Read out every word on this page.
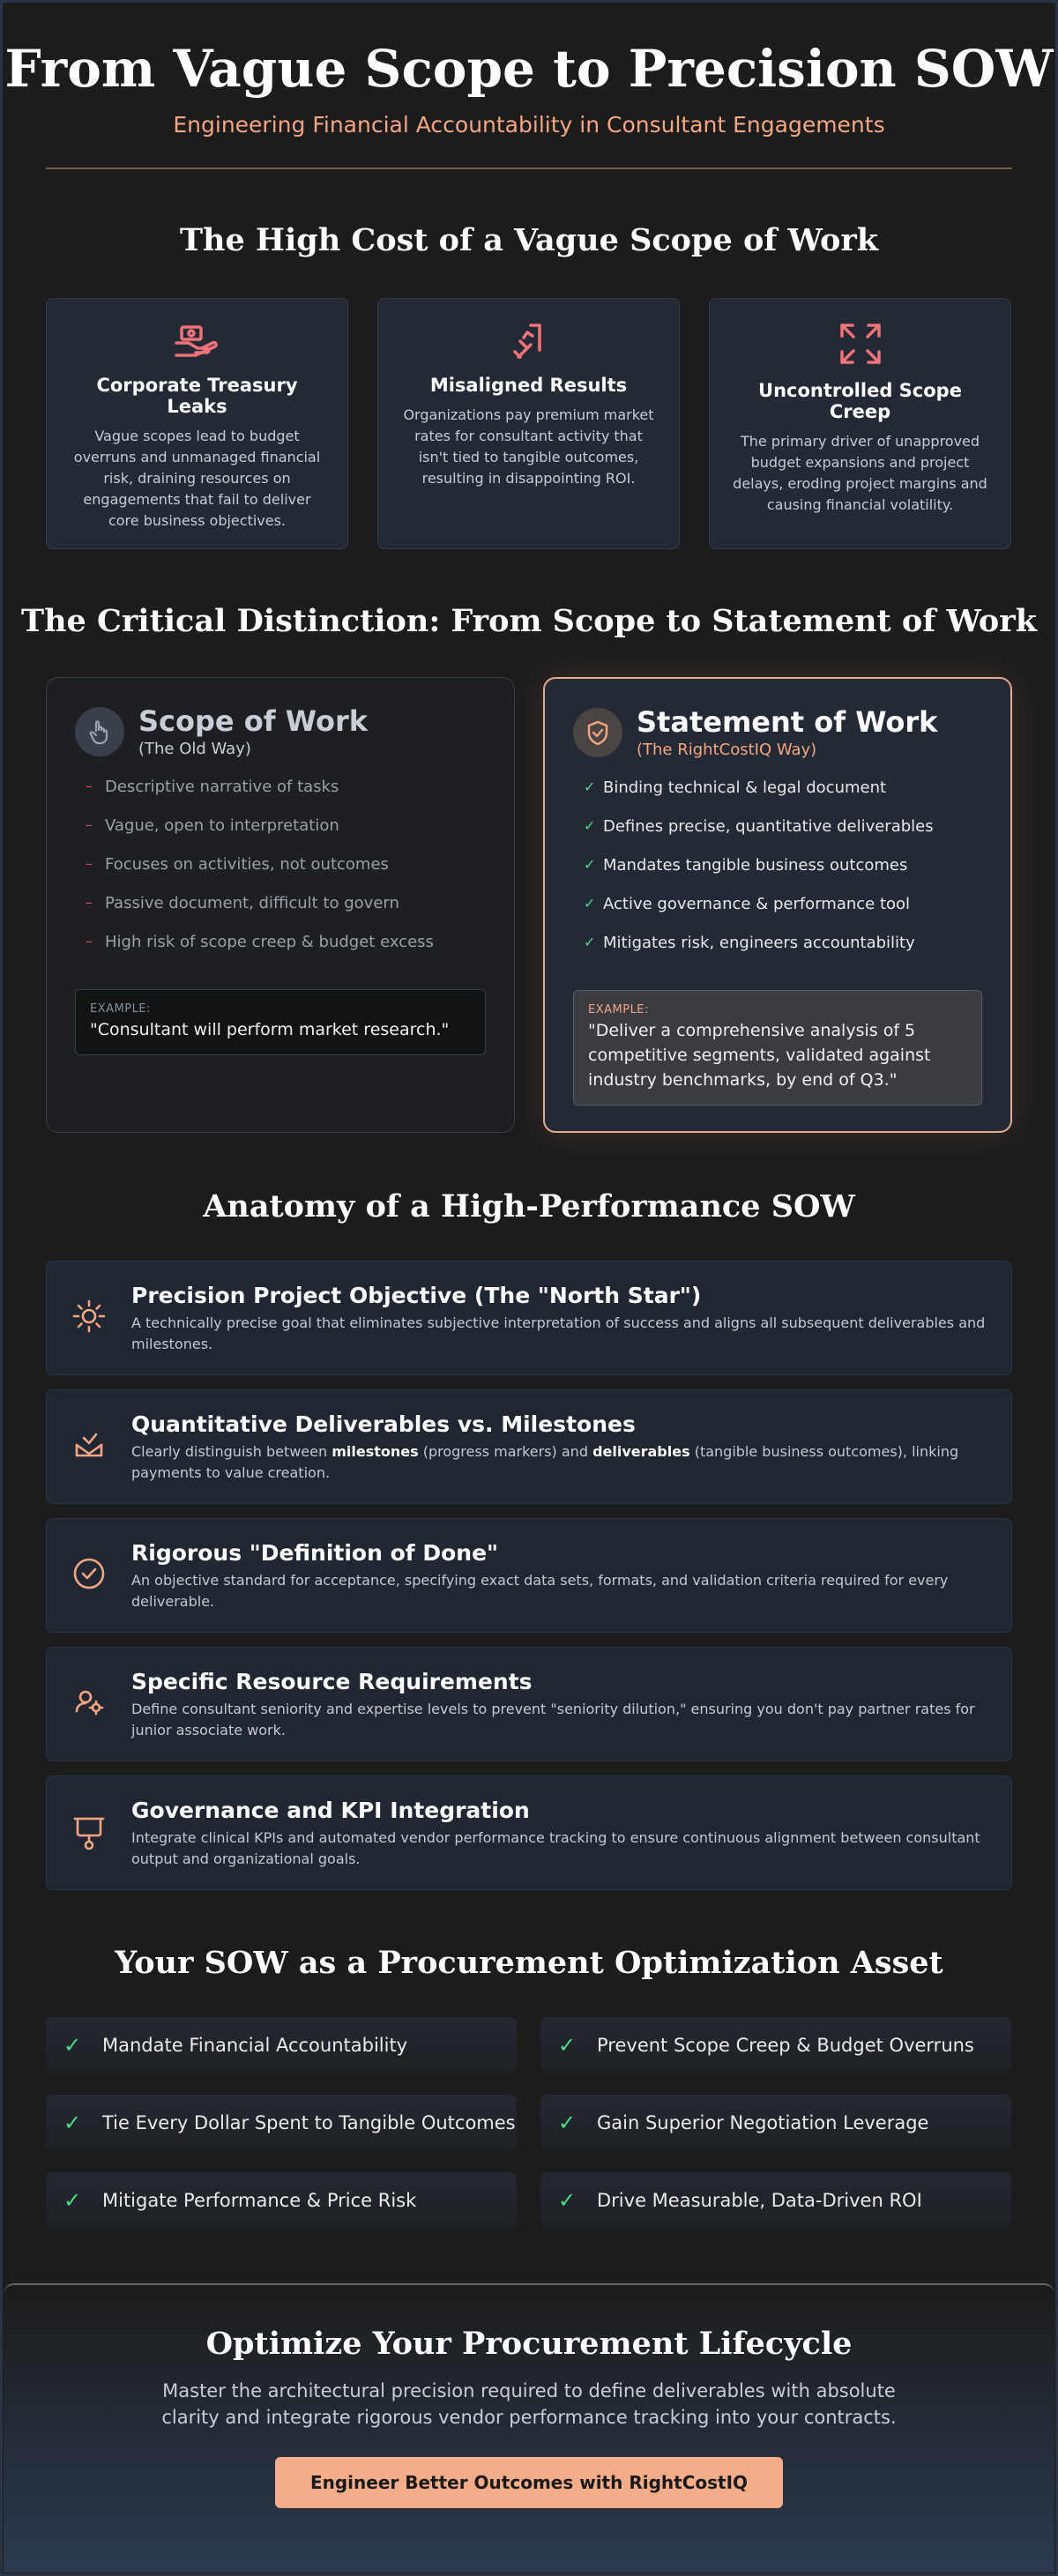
From Vague Scope to Precision SOW
Engineering Financial Accountability in Consultant Engagements
The High Cost of a Vague Scope of Work
Corporate Treasury Leaks
Vague scopes lead to budget overruns and unmanaged financial risk, draining resources on engagements that fail to deliver core business objectives.
Misaligned Results
Organizations pay premium market rates for consultant activity that isn't tied to tangible outcomes, resulting in disappointing ROI.
Uncontrolled Scope Creep
The primary driver of unapproved budget expansions and project delays, eroding project margins and causing financial volatility.
The Critical Distinction: From Scope to Statement of Work
Scope of Work
(The Old Way)
– Descriptive narrative of tasks
– Vague, open to interpretation
– Focuses on activities, not outcomes
– Passive document, difficult to govern
– High risk of scope creep & budget excess
EXAMPLE:
"Consultant will perform market research."
Statement of Work
(The RightCostIQ Way)
✓ Binding technical & legal document
✓ Defines precise, quantitative deliverables
✓ Mandates tangible business outcomes
✓ Active governance & performance tool
✓ Mitigates risk, engineers accountability
EXAMPLE:
"Deliver a comprehensive analysis of 5 competitive segments, validated against industry benchmarks, by end of Q3."
Anatomy of a High-Performance SOW
Precision Project Objective (The "North Star")
A technically precise goal that eliminates subjective interpretation of success and aligns all subsequent deliverables and milestones.
Quantitative Deliverables vs. Milestones
Clearly distinguish between milestones (progress markers) and deliverables (tangible business outcomes), linking payments to value creation.
Rigorous "Definition of Done"
An objective standard for acceptance, specifying exact data sets, formats, and validation criteria required for every deliverable.
Specific Resource Requirements
Define consultant seniority and expertise levels to prevent "seniority dilution," ensuring you don't pay partner rates for junior associate work.
Governance and KPI Integration
Integrate clinical KPIs and automated vendor performance tracking to ensure continuous alignment between consultant output and organizational goals.
Your SOW as a Procurement Optimization Asset
✓	Mandate Financial Accountability	✓	Prevent Scope Creep & Budget Overruns
✓	Tie Every Dollar Spent to Tangible Outcomes ✓	Gain Superior Negotiation Leverage
✓	Mitigate Performance & Price Risk	✓	Drive Measurable, Data-Driven ROI
Optimize Your Procurement Lifecycle
Master the architectural precision required to define deliverables with absolute clarity and integrate rigorous vendor performance tracking into your contracts.
Engineer Better Outcomes with RightCostIQ
